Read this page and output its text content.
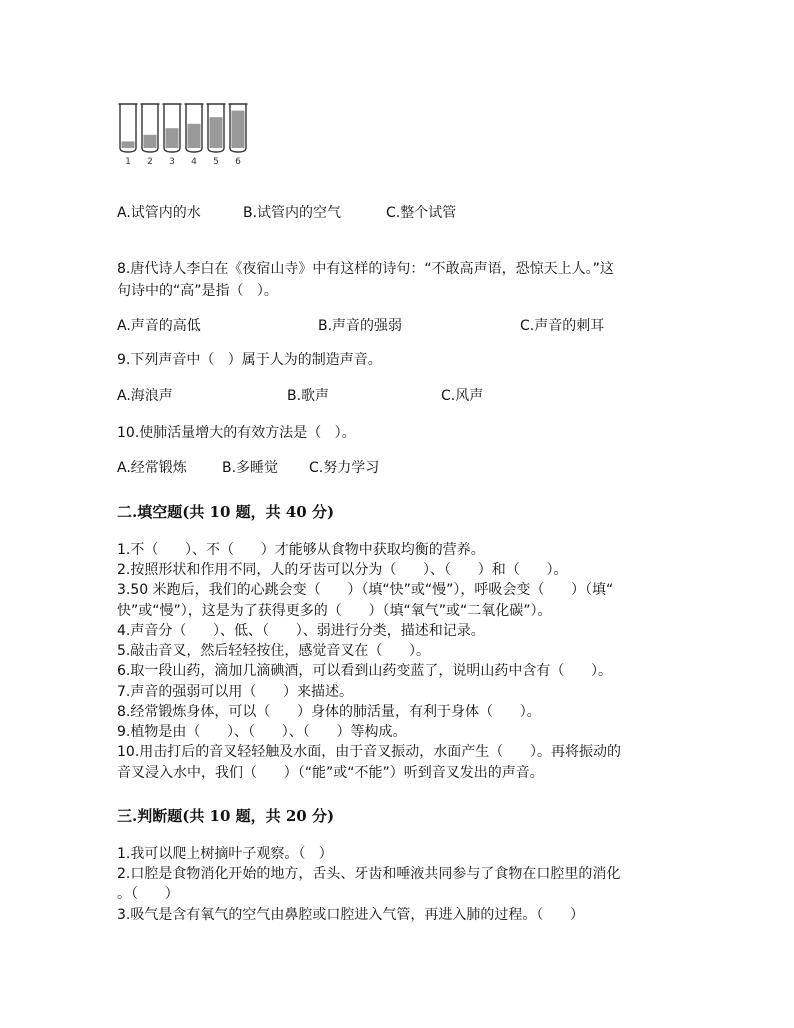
1 2 3 4 5 6
A.试管内的水	B.试管内的空气	C.整个试管
8.唐代诗人李白在《夜宿山寺》中有这样的诗句：“不敢高声语，恐惊天上人。”这
句诗中的“高”是指（   ）。
A.声音的高低	B.声音的强弱	C.声音的刺耳
9.下列声音中（   ）属于人为的制造声音。
A.海浪声	B.歌声	C.风声
10.使肺活量增大的有效方法是（   ）。
A.经常锻炼	B.多睡觉 C.努力学习
二.填空题(共 10 题，共 40 分)
1.不（      ）、不（      ）才能够从食物中获取均衡的营养。
2.按照形状和作用不同，人的牙齿可以分为（      ）、（      ）和（      ）。
3.50 米跑后，我们的心跳会变（      ）（填“快”或“慢”），呼吸会变（      ）（填“
快”或“慢”），这是为了获得更多的（      ）（填“氧气”或“二氧化碳”）。
4.声音分（      ）、低、（      ）、弱进行分类，描述和记录。
5.敲击音叉，然后轻轻按住，感觉音叉在（      ）。
6.取一段山药，滴加几滴碘酒，可以看到山药变蓝了，说明山药中含有（      ）。
7.声音的强弱可以用（      ）来描述。
8.经常锻炼身体，可以（      ）身体的肺活量，有利于身体（      ）。
9.植物是由（      ）、（      ）、（      ）等构成。
10.用击打后的音叉轻轻触及水面，由于音叉振动，水面产生（      ）。再将振动的
音叉浸入水中，我们（      ）（“能”或“不能”）听到音叉发出的声音。
三.判断题(共 10 题，共 20 分)
1.我可以爬上树摘叶子观察。（   ）
2.口腔是食物消化开始的地方，舌头、牙齿和唾液共同参与了食物在口腔里的消化
。（      ）
3.吸气是含有氧气的空气由鼻腔或口腔进入气管，再进入肺的过程。（      ）
